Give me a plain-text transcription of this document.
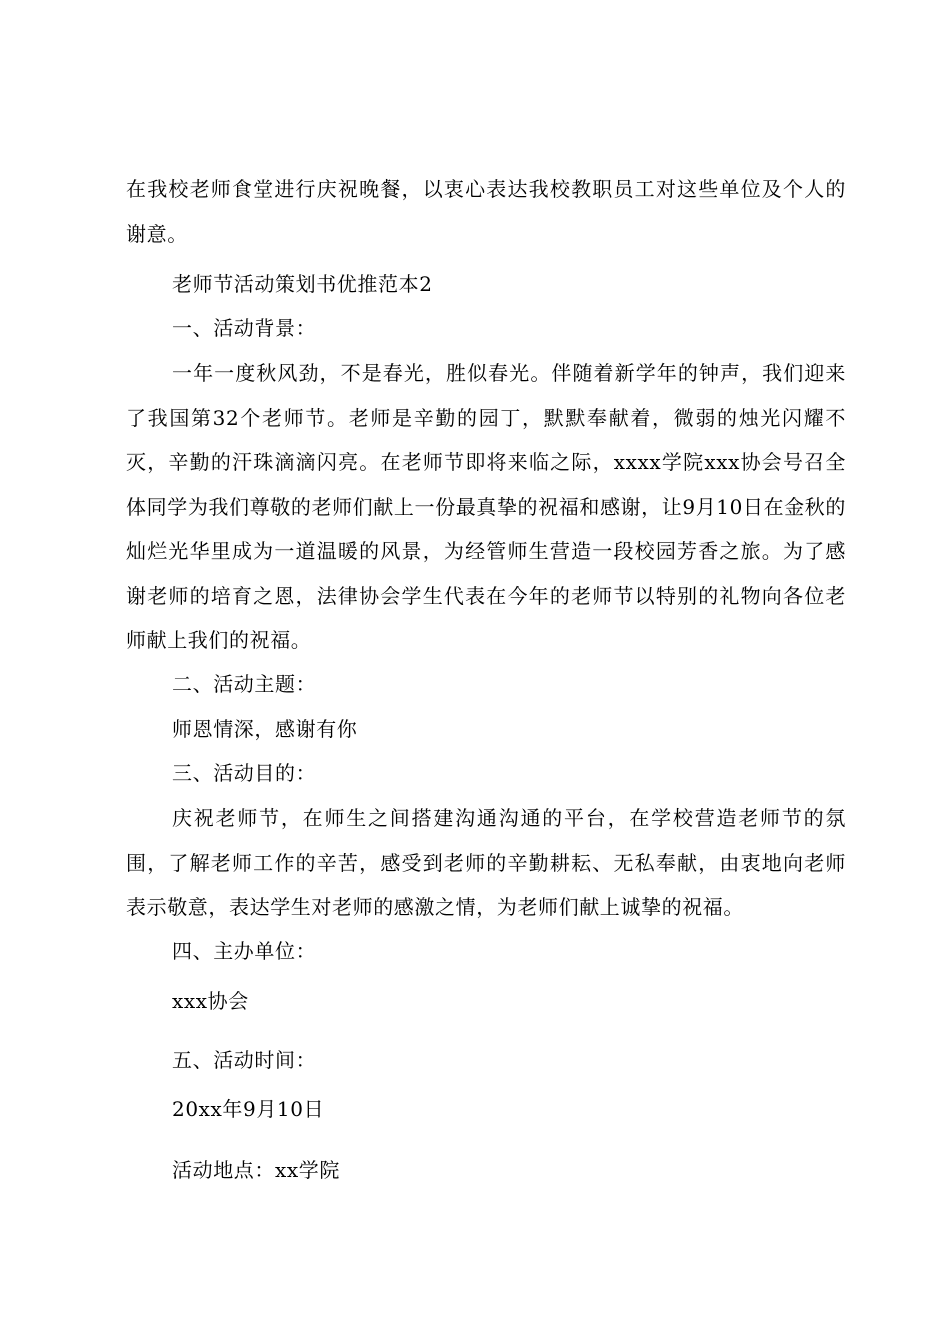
在我校老师食堂进行庆祝晚餐，以衷心表达我校教职员工对这些单位及个人的谢意。

老师节活动策划书优推范本2

一、活动背景：

一年一度秋风劲，不是春光，胜似春光。伴随着新学年的钟声，我们迎来了我国第32个老师节。老师是辛勤的园丁，默默奉献着，微弱的烛光闪耀不灭，辛勤的汗珠滴滴闪亮。在老师节即将来临之际，xxxx学院xxx协会号召全体同学为我们尊敬的老师们献上一份最真挚的祝福和感谢，让9月10日在金秋的灿烂光华里成为一道温暖的风景，为经管师生营造一段校园芳香之旅。为了感谢老师的培育之恩，法律协会学生代表在今年的老师节以特别的礼物向各位老师献上我们的祝福。

二、活动主题：

师恩情深，感谢有你

三、活动目的：

庆祝老师节，在师生之间搭建沟通沟通的平台，在学校营造老师节的氛围，了解老师工作的辛苦，感受到老师的辛勤耕耘、无私奉献，由衷地向老师表示敬意，表达学生对老师的感激之情，为老师们献上诚挚的祝福。

四、主办单位：

xxx协会

五、活动时间：

20xx年9月10日

活动地点：xx学院
